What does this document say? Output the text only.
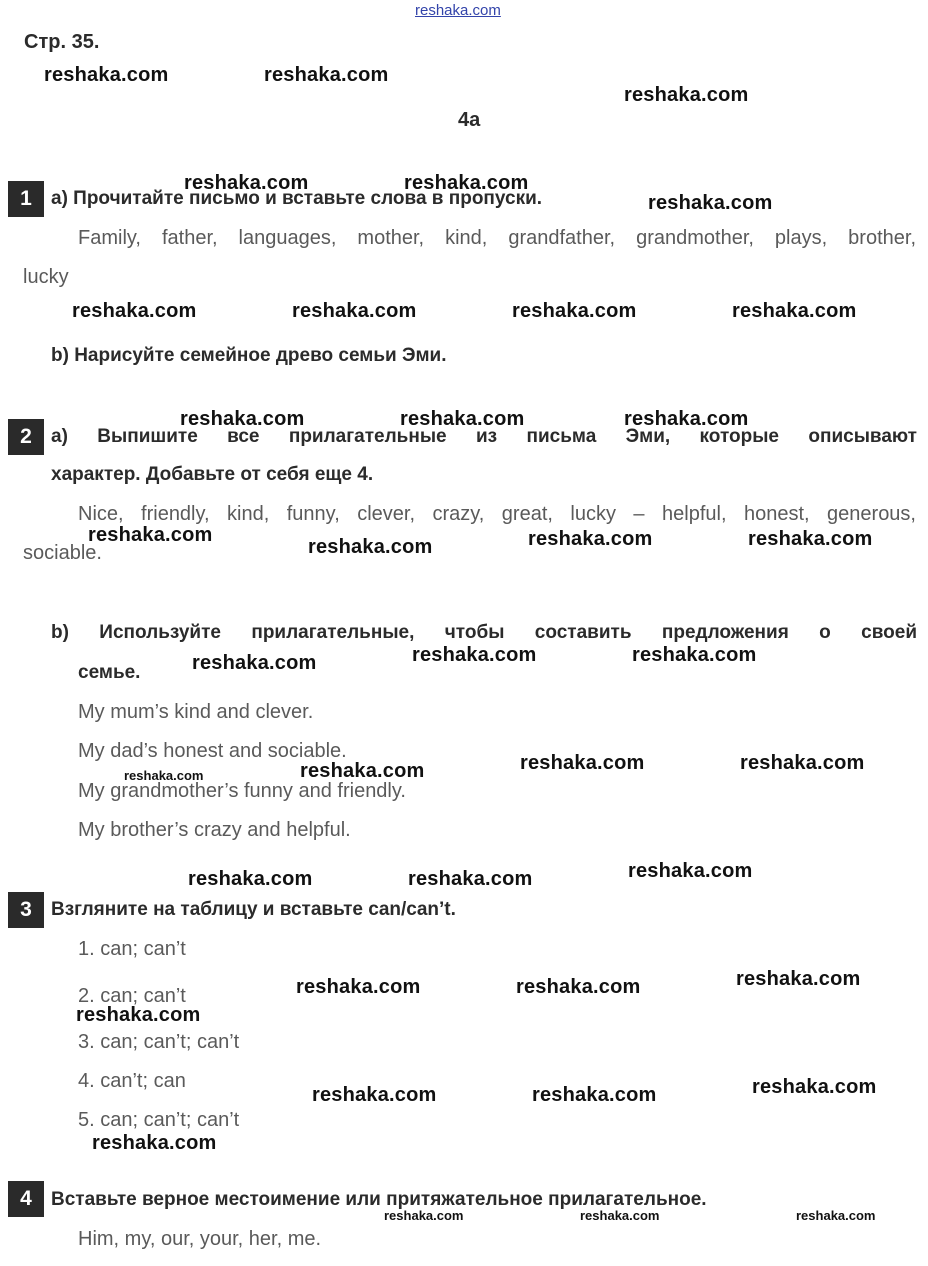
reshaka.com
Стр. 35.
4a
1	a) Прочитайте письмо и вставьте слова в пропуски.
Family, father, languages, mother, kind, grandfather, grandmother, plays, brother,
lucky
b) Нарисуйте семейное древо семьи Эми.
2	a) Выпишите все прилагательные из письма Эми, которые описывают
характер. Добавьте от себя еще 4.
Nice, friendly, kind, funny, clever, crazy, great, lucky – helpful, honest, generous,
sociable.
b) Используйте прилагательные, чтобы составить предложения о своей
семье.
My mum’s kind and clever.
My dad’s honest and sociable.
My grandmother’s funny and friendly.
My brother’s crazy and helpful.
3	Взгляните на таблицу и вставьте can/can’t.
1. can; can’t
2. can; can’t
3. can; can’t; can’t
4. can’t; can
5. can; can’t; can’t
4	Вставьте верное местоимение или притяжательное прилагательное.
Him, my, our, your, her, me.
reshaka.com	reshaka.com
reshaka.com
reshaka.com	reshaka.com
reshaka.com
reshaka.com	reshaka.com	reshaka.com	reshaka.com
reshaka.com	reshaka.com	reshaka.com
reshaka.com
reshaka.com	reshaka.com	reshaka.com
reshaka.com	reshaka.com	reshaka.com
reshaka.com	reshaka.com	reshaka.com	reshaka.com
reshaka.com	reshaka.com	reshaka.com
reshaka.com	reshaka.com	reshaka.com
reshaka.com
reshaka.com	reshaka.com	reshaka.com
reshaka.com
reshaka.com	reshaka.com	reshaka.com
